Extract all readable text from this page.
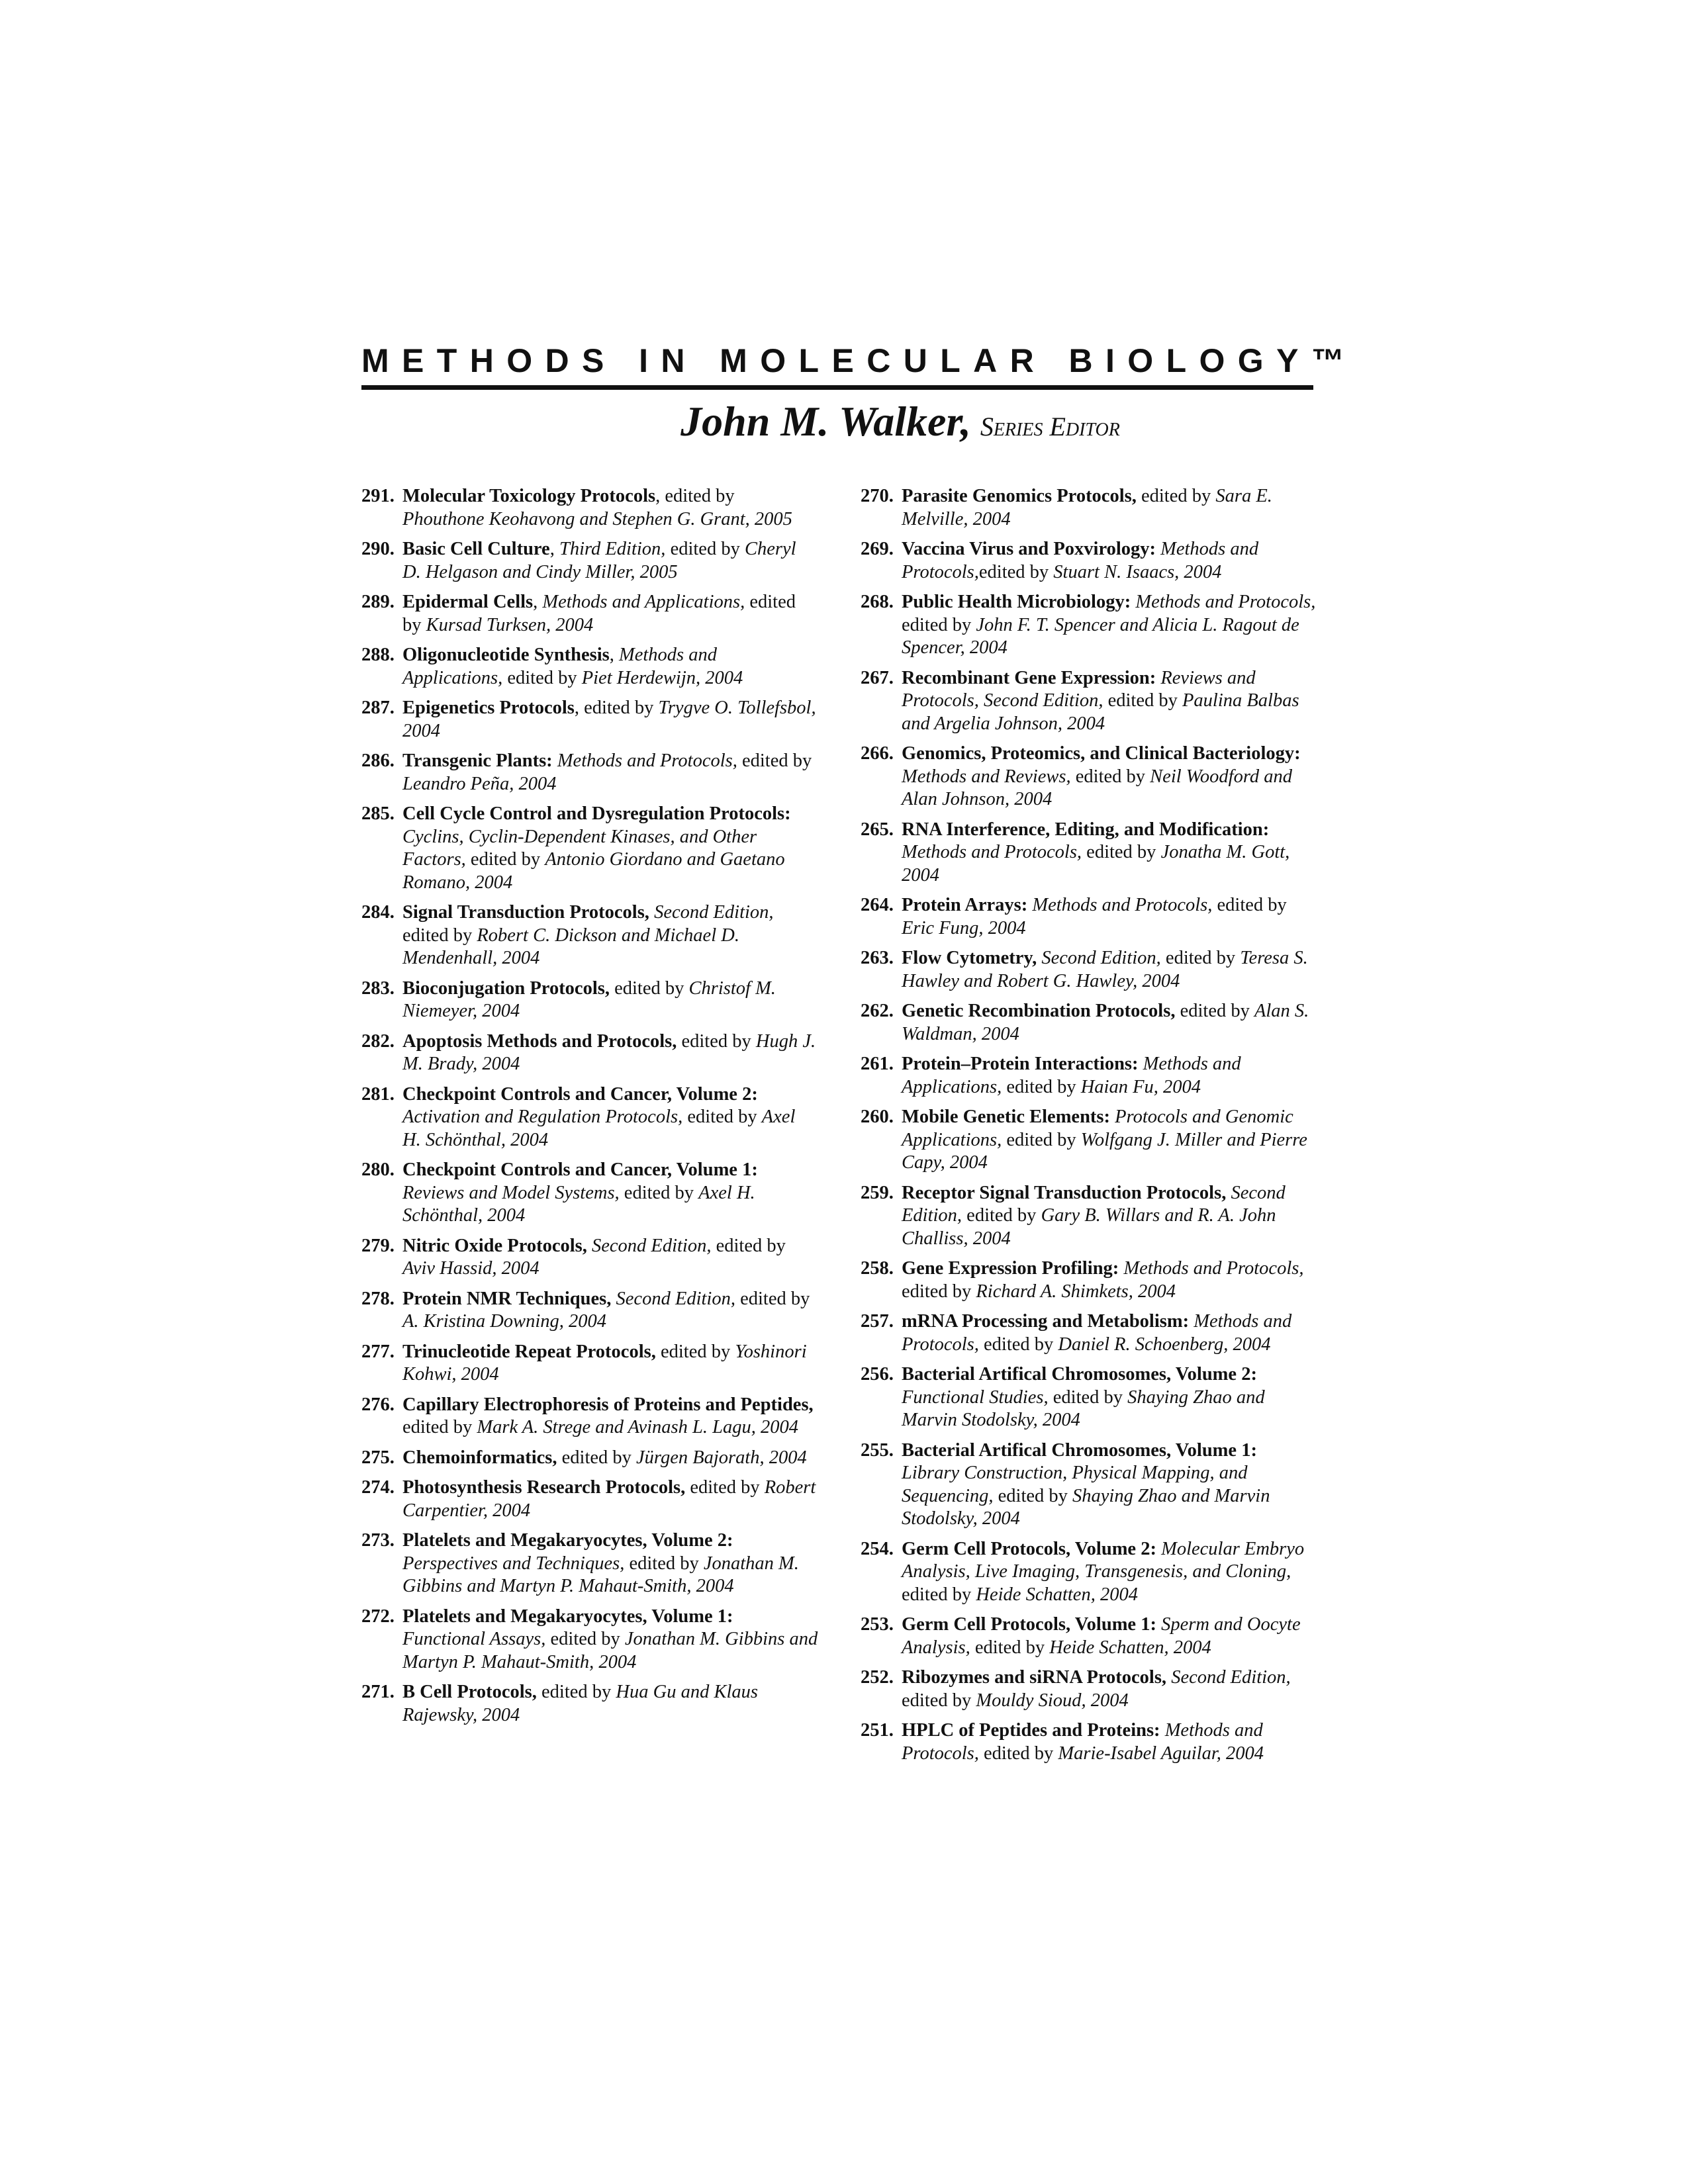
METHODS IN MOLECULAR BIOLOGY™
John M. Walker, Series Editor
291. Molecular Toxicology Protocols, edited by Phouthone Keohavong and Stephen G. Grant, 2005
290. Basic Cell Culture, Third Edition, edited by Cheryl D. Helgason and Cindy Miller, 2005
289. Epidermal Cells, Methods and Applications, edited by Kursad Turksen, 2004
288. Oligonucleotide Synthesis, Methods and Applications, edited by Piet Herdewijn, 2004
287. Epigenetics Protocols, edited by Trygve O. Tollefsbol, 2004
286. Transgenic Plants: Methods and Protocols, edited by Leandro Peña, 2004
285. Cell Cycle Control and Dysregulation Protocols: Cyclins, Cyclin-Dependent Kinases, and Other Factors, edited by Antonio Giordano and Gaetano Romano, 2004
284. Signal Transduction Protocols, Second Edition, edited by Robert C. Dickson and Michael D. Mendenhall, 2004
283. Bioconjugation Protocols, edited by Christof M. Niemeyer, 2004
282. Apoptosis Methods and Protocols, edited by Hugh J. M. Brady, 2004
281. Checkpoint Controls and Cancer, Volume 2: Activation and Regulation Protocols, edited by Axel H. Schönthal, 2004
280. Checkpoint Controls and Cancer, Volume 1: Reviews and Model Systems, edited by Axel H. Schönthal, 2004
279. Nitric Oxide Protocols, Second Edition, edited by Aviv Hassid, 2004
278. Protein NMR Techniques, Second Edition, edited by A. Kristina Downing, 2004
277. Trinucleotide Repeat Protocols, edited by Yoshinori Kohwi, 2004
276. Capillary Electrophoresis of Proteins and Peptides, edited by Mark A. Strege and Avinash L. Lagu, 2004
275. Chemoinformatics, edited by Jürgen Bajorath, 2004
274. Photosynthesis Research Protocols, edited by Robert Carpentier, 2004
273. Platelets and Megakaryocytes, Volume 2: Perspectives and Techniques, edited by Jonathan M. Gibbins and Martyn P. Mahaut-Smith, 2004
272. Platelets and Megakaryocytes, Volume 1: Functional Assays, edited by Jonathan M. Gibbins and Martyn P. Mahaut-Smith, 2004
271. B Cell Protocols, edited by Hua Gu and Klaus Rajewsky, 2004
270. Parasite Genomics Protocols, edited by Sara E. Melville, 2004
269. Vaccina Virus and Poxvirology: Methods and Protocols,edited by Stuart N. Isaacs, 2004
268. Public Health Microbiology: Methods and Protocols, edited by John F. T. Spencer and Alicia L. Ragout de Spencer, 2004
267. Recombinant Gene Expression: Reviews and Protocols, Second Edition, edited by Paulina Balbas and Argelia Johnson, 2004
266. Genomics, Proteomics, and Clinical Bacteriology: Methods and Reviews, edited by Neil Woodford and Alan Johnson, 2004
265. RNA Interference, Editing, and Modification: Methods and Protocols, edited by Jonatha M. Gott, 2004
264. Protein Arrays: Methods and Protocols, edited by Eric Fung, 2004
263. Flow Cytometry, Second Edition, edited by Teresa S. Hawley and Robert G. Hawley, 2004
262. Genetic Recombination Protocols, edited by Alan S. Waldman, 2004
261. Protein–Protein Interactions: Methods and Applications, edited by Haian Fu, 2004
260. Mobile Genetic Elements: Protocols and Genomic Applications, edited by Wolfgang J. Miller and Pierre Capy, 2004
259. Receptor Signal Transduction Protocols, Second Edition, edited by Gary B. Willars and R. A. John Challiss, 2004
258. Gene Expression Profiling: Methods and Protocols, edited by Richard A. Shimkets, 2004
257. mRNA Processing and Metabolism: Methods and Protocols, edited by Daniel R. Schoenberg, 2004
256. Bacterial Artifical Chromosomes, Volume 2: Functional Studies, edited by Shaying Zhao and Marvin Stodolsky, 2004
255. Bacterial Artifical Chromosomes, Volume 1: Library Construction, Physical Mapping, and Sequencing, edited by Shaying Zhao and Marvin Stodolsky, 2004
254. Germ Cell Protocols, Volume 2: Molecular Embryo Analysis, Live Imaging, Transgenesis, and Cloning, edited by Heide Schatten, 2004
253. Germ Cell Protocols, Volume 1: Sperm and Oocyte Analysis, edited by Heide Schatten, 2004
252. Ribozymes and siRNA Protocols, Second Edition, edited by Mouldy Sioud, 2004
251. HPLC of Peptides and Proteins: Methods and Protocols, edited by Marie-Isabel Aguilar, 2004
